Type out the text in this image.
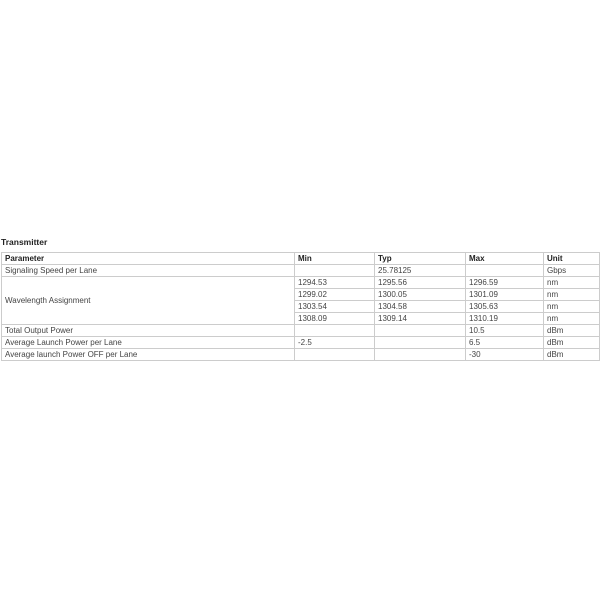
Transmitter
Parameter	Min	Typ	Max	Unit
Signaling Speed per Lane		25.78125		Gbps
Wavelength Assignment	1294.53	1295.56	1296.59	nm
	1299.02	1300.05	1301.09	nm
	1303.54	1304.58	1305.63	nm
	1308.09	1309.14	1310.19	nm
Total Output Power			10.5	dBm
Average Launch Power per Lane	-2.5		6.5	dBm
Average launch Power OFF per Lane			-30	dBm
